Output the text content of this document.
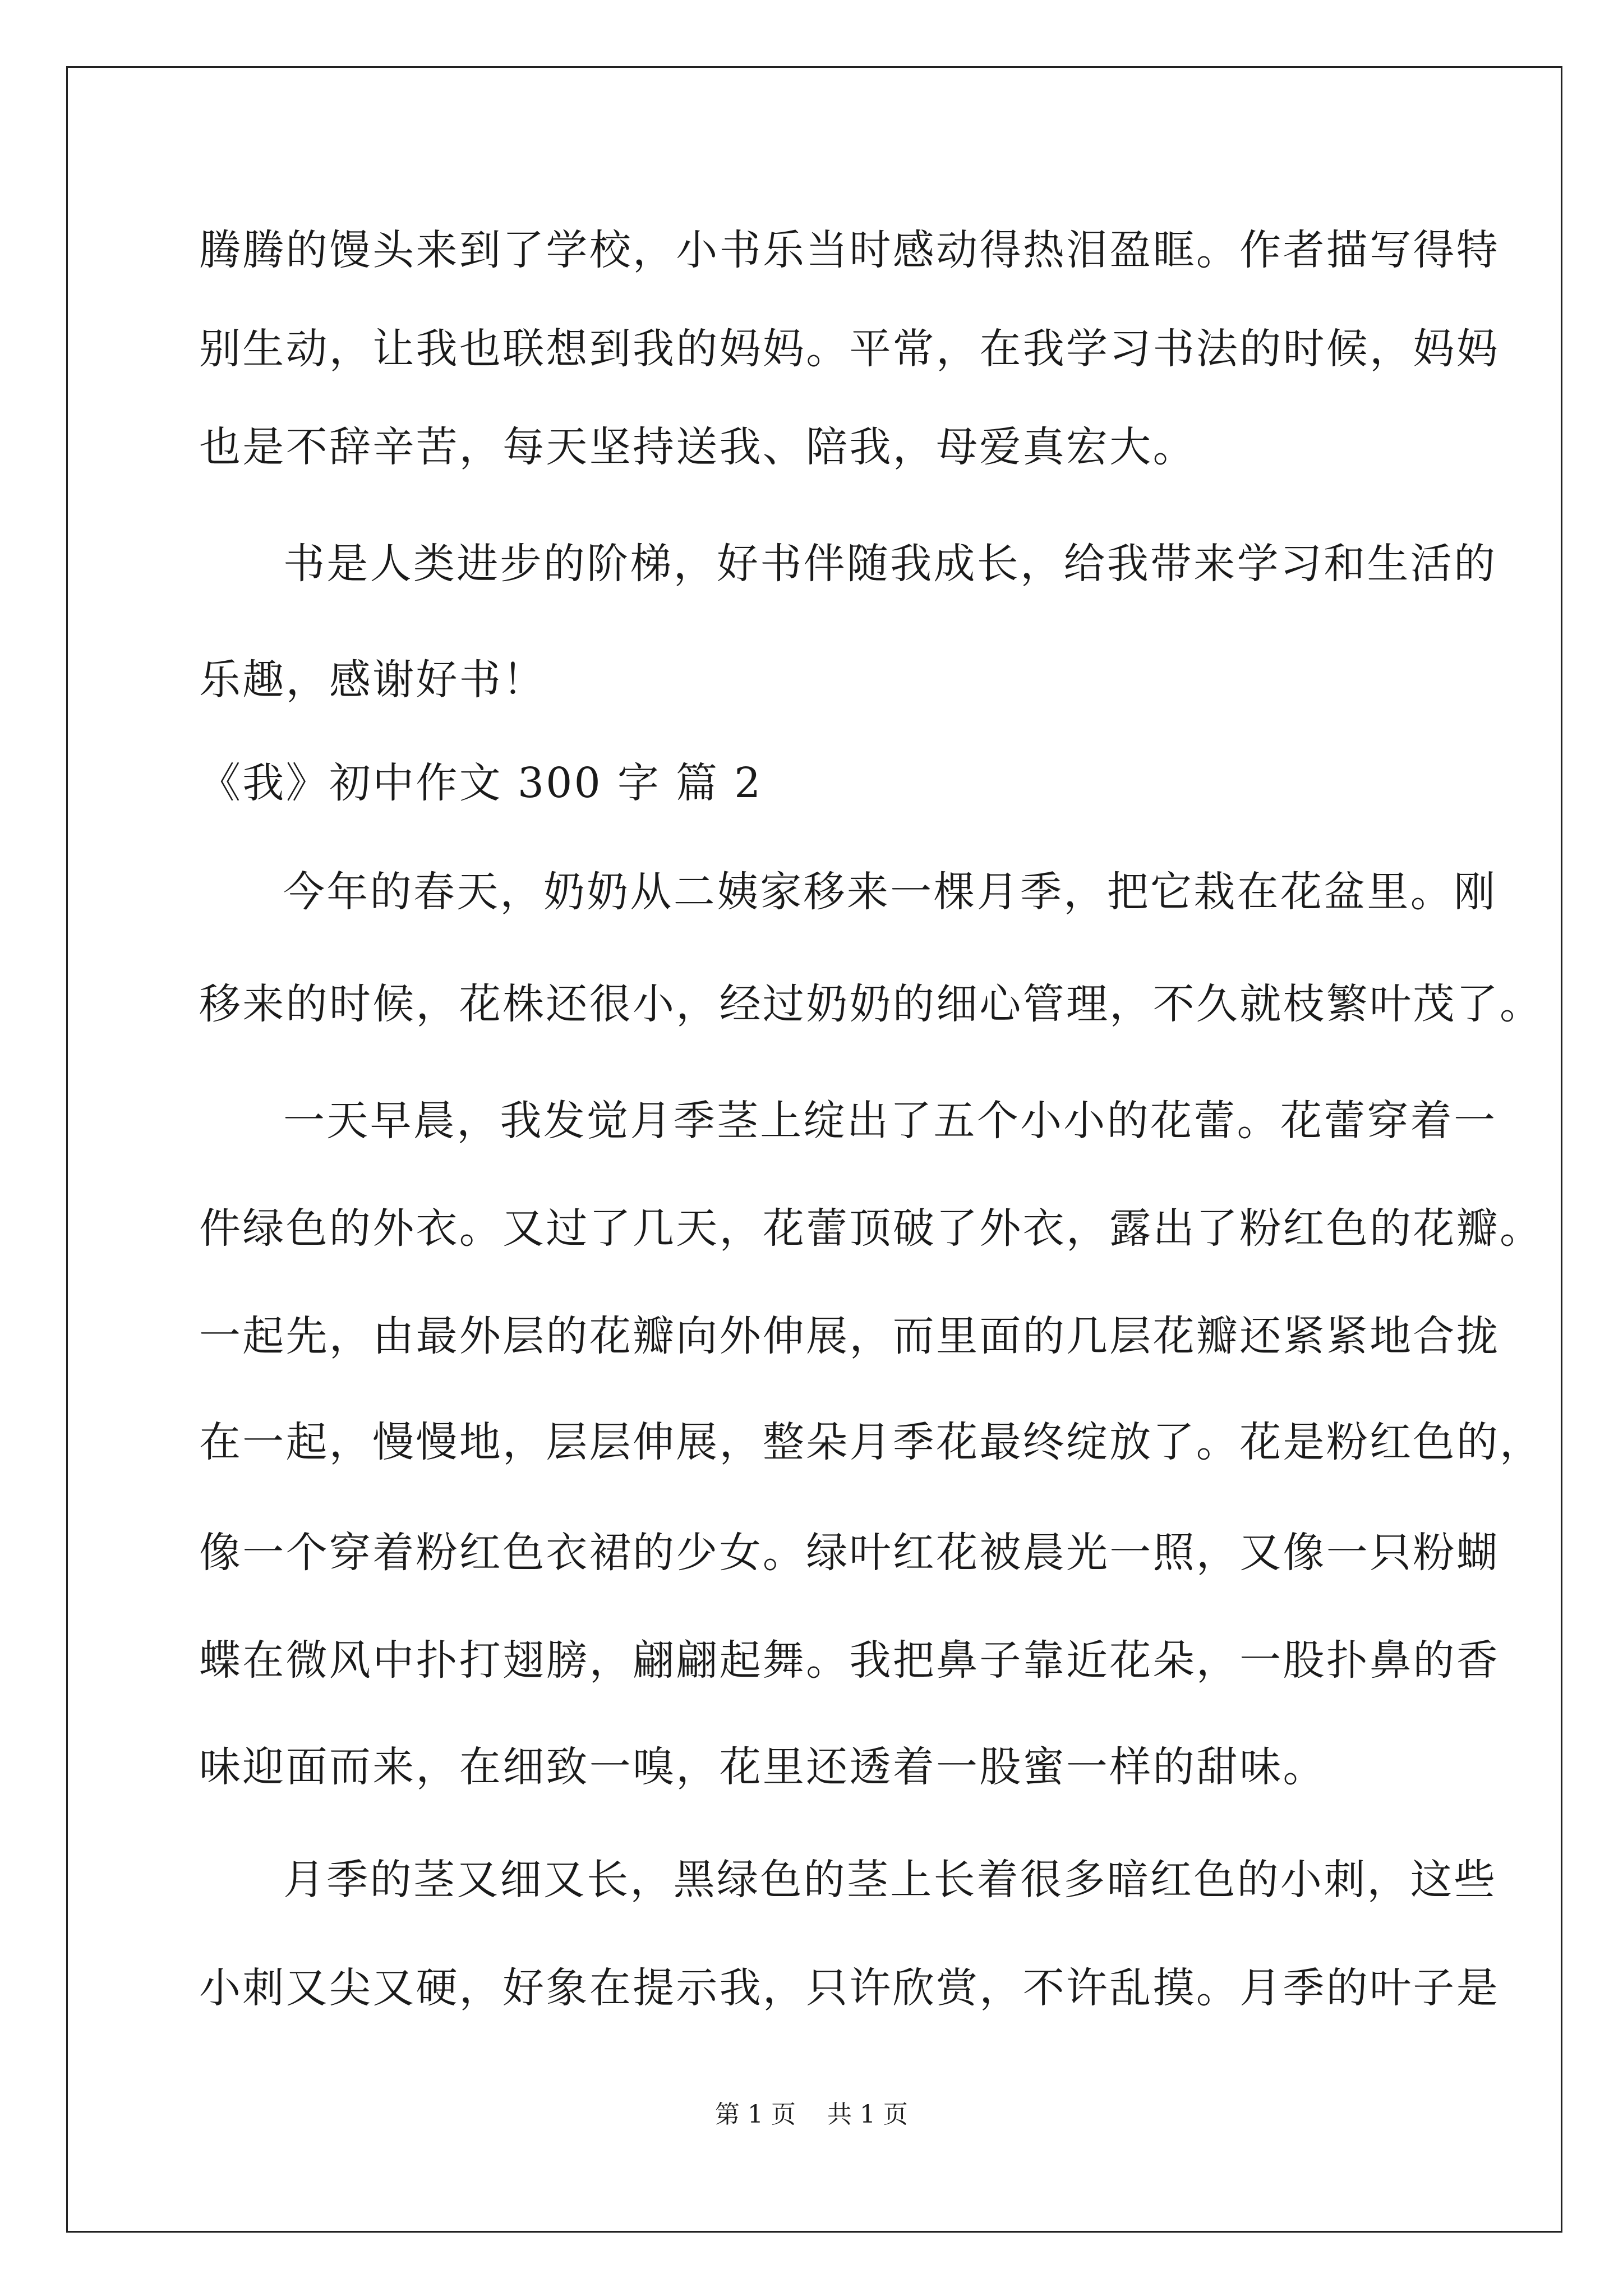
腾腾的馒头来到了学校，小书乐当时感动得热泪盈眶。作者描写得特
别生动，让我也联想到我的妈妈。平常，在我学习书法的时候，妈妈
也是不辞辛苦，每天坚持送我、陪我，母爱真宏大。
书是人类进步的阶梯，好书伴随我成长，给我带来学习和生活的
乐趣，感谢好书！
《我》初中作文 300 字 篇 2
今年的春天，奶奶从二姨家移来一棵月季，把它栽在花盆里。刚
移来的时候，花株还很小，经过奶奶的细心管理，不久就枝繁叶茂了。
一天早晨，我发觉月季茎上绽出了五个小小的花蕾。花蕾穿着一
件绿色的外衣。又过了几天，花蕾顶破了外衣，露出了粉红色的花瓣。
一起先，由最外层的花瓣向外伸展，而里面的几层花瓣还紧紧地合拢
在一起，慢慢地，层层伸展，整朵月季花最终绽放了。花是粉红色的，
像一个穿着粉红色衣裙的少女。绿叶红花被晨光一照，又像一只粉蝴
蝶在微风中扑打翅膀，翩翩起舞。我把鼻子靠近花朵，一股扑鼻的香
味迎面而来，在细致一嗅，花里还透着一股蜜一样的甜味。
月季的茎又细又长，黑绿色的茎上长着很多暗红色的小刺，这些
小刺又尖又硬，好象在提示我，只许欣赏，不许乱摸。月季的叶子是
第 1 页    共 1 页
